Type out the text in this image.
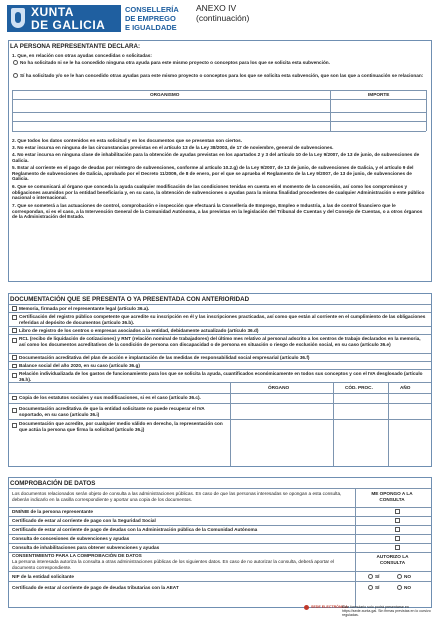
XUNTA
DE GALICIA
CONSELLERÍA
DE EMPREGO
E IGUALDADE
ANEXO IV
(continuación)
LA PERSONA REPRESENTANTE DECLARA:
1. Que, en relación con otras ayudas concedidas o solicitadas:
No ha solicitado ni se le ha concedido ninguna otra ayuda para este mismo proyecto o conceptos para los que se solicita esta subvención.
Sí ha solicitado y/o se le han concedido otras ayudas para este mismo proyecto o conceptos para los que se solicita esta subvención, que son las que a continuación se relacionan:
ORGANISMO	IMPORTE
2. Que todos los datos contenidos en esta solicitud y en los documentos que se presentan son ciertos.
3. No estar incursa en ninguna de las circunstancias previstas en el artículo 13 de la Ley 38/2003, de 17 de noviembre, general de subvenciones.
4. No estar incursa en ninguna clase de inhabilitación para la obtención de ayudas previstas en los apartados 2 y 3 del artículo 10 de la Ley 9/2007, de 13 de junio, de subvenciones de Galicia.
5. Estar al corriente en el pago de deudas por reintegro de subvenciones, conforme al artículo 10.2.g) de la Ley 9/2007, de 13 de junio, de subvenciones de Galicia, y el artículo 9 del Reglamento de subvenciones de Galicia, aprobado por el Decreto 11/2009, de 8 de enero, por el que se aprueba el Reglamento de la Ley 9/2007, de 13 de junio, de subvenciones de Galicia.
6. Que se comunicará al órgano que conceda la ayuda cualquier modificación de las condiciones tenidas en cuenta en el momento de la concesión, así como los compromisos y obligaciones asumidos por la entidad beneficiaria y, en su caso, la obtención de subvenciones o ayudas para la misma finalidad procedentes de cualquier Administración o ente público nacional o internacional.
7. Que se someterá a las actuaciones de control, comprobación e inspección que efectuará la Consellería de Emprego, Empleo e Industria, a las de control financiero que le correspondan, si es el caso, a la Intervención General de la Comunidad Autónoma, a las previstas en la legislación del Tribunal de Cuentas y del Consejo de Cuentas, o a otros órganos de la Administración del Estado.
DOCUMENTACIÓN QUE SE PRESENTA O YA PRESENTADA CON ANTERIORIDAD
Memoria, firmada por el representante legal (artículo 36.a).
Certificación del registro público competente que acredite su inscripción en él y las inscripciones practicadas, así como que están al corriente en el cumplimiento de las obligaciones referidas al depósito de documentos (artículo 36.b).
Libro de registro de los centros o empresas asociados a la entidad, debidamente actualizado (artículo 36.d)
RCL (recibo de liquidación de cotizaciones) y RNT (relación nominal de trabajadores) del último mes relativo al personal adscrito a los centros de trabajo declarados en la memoria, así como los documentos acreditativos de la condición de persona con discapacidad o de persona en situación o riesgo de exclusión social, en su caso (artículo 36.e)
Documentación acreditativa del plan de acción e implantación de las medidas de responsabilidad social empresarial (artículo 36.f)
Balance social del año 2020, en su caso (artículo 36.g)
Relación individualizada de los gastos de funcionamiento para los que se solicita la ayuda, cuantificados económicamente en todos sus conceptos y con el IVA desglosado (artículo 36.h).
ÓRGANO	CÓD. PROC.	AÑO
Copia de los estatutos sociales y sus modificaciones, si es el caso (artículo 36.c).
Documentación acreditativa de que la entidad solicitante no puede recuperar el IVA soportado, en su caso (artículo 36.i)
Documentación que acredite, por cualquier medio válido en derecho, la representación con que actúa la persona que firma la solicitud (artículo 36.j)
COMPROBACIÓN DE DATOS
Los documentos relacionados serán objeto de consulta a las administraciones públicas. En caso de que las personas interesadas se opongan a esta consulta, deberán indicarlo en la casilla correspondiente y aportar una copia de los documentos.
ME OPONGO A LA CONSULTA
DNI/NIE de la persona representante
Certificado de estar al corriente de pago con la Seguridad Social
Certificado de estar al corriente de pago de deudas con la Administración pública de la Comunidad Autónoma
Consulta de concesiones de subvenciones y ayudas
Consulta de inhabilitaciones para obtener subvenciones y ayudas
CONSENTIMIENTO PARA LA COMPROBACIÓN DE DATOS
La persona interesada autoriza la consulta a otras administraciones públicas de los siguientes datos. En caso de no autorizar la consulta, deberá aportar el documento correspondiente.
AUTORIZO LA CONSULTA
NIF de la entidad solicitante	SÍ	NO
Certificado de estar al corriente de pago de deudas tributarias con la AEAT	SÍ	NO
SEDE ELECTRÓNICA
Este formulario solo podrá presentarse en https://sede.xunta.gal. Sin firmas previstas en lo cursivo reguladas.
